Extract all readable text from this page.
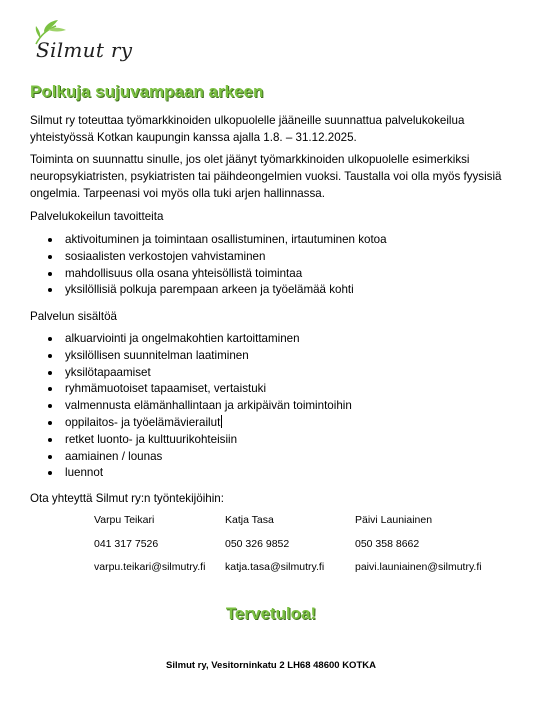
Silmut ry
Polkuja sujuvampaan arkeen

Silmut ry toteuttaa työmarkkinoiden ulkopuolelle jääneille suunnattua palvelukokeilua yhteistyössä Kotkan kaupungin kanssa ajalla 1.8. – 31.12.2025.

Toiminta on suunnattu sinulle, jos olet jäänyt työmarkkinoiden ulkopuolelle esimerkiksi neuropsykiatristen, psykiatristen tai päihdeongelmien vuoksi. Taustalla voi olla myös fyysisiä ongelmia. Tarpeenasi voi myös olla tuki arjen hallinnassa.

Palvelukokeilun tavoitteita

aktivoituminen ja toimintaan osallistuminen, irtautuminen kotoa
sosiaalisten verkostojen vahvistaminen
mahdollisuus olla osana yhteisöllistä toimintaa
yksilöllisiä polkuja parempaan arkeen ja työelämää kohti

Palvelun sisältöä

alkuarviointi ja ongelmakohtien kartoittaminen
yksilöllisen suunnitelman laatiminen
yksilötapaamiset
ryhmämuotoiset tapaamiset, vertaistuki
valmennusta elämänhallintaan ja arkipäivän toimintoihin
oppilaitos- ja työelämävierailut
retket luonto- ja kulttuurikohteisiin
aamiainen / lounas
luennot

Ota yhteyttä Silmut ry:n työntekijöihin:

Varpu Teikari
041 317 7526
varpu.teikari@silmutry.fi
Katja Tasa
050 326 9852
katja.tasa@silmutry.fi
Päivi Launiainen
050 358 8662
paivi.launiainen@silmutry.fi
Tervetuloa!
Silmut ry, Vesitorninkatu 2 LH68 48600 KOTKA
